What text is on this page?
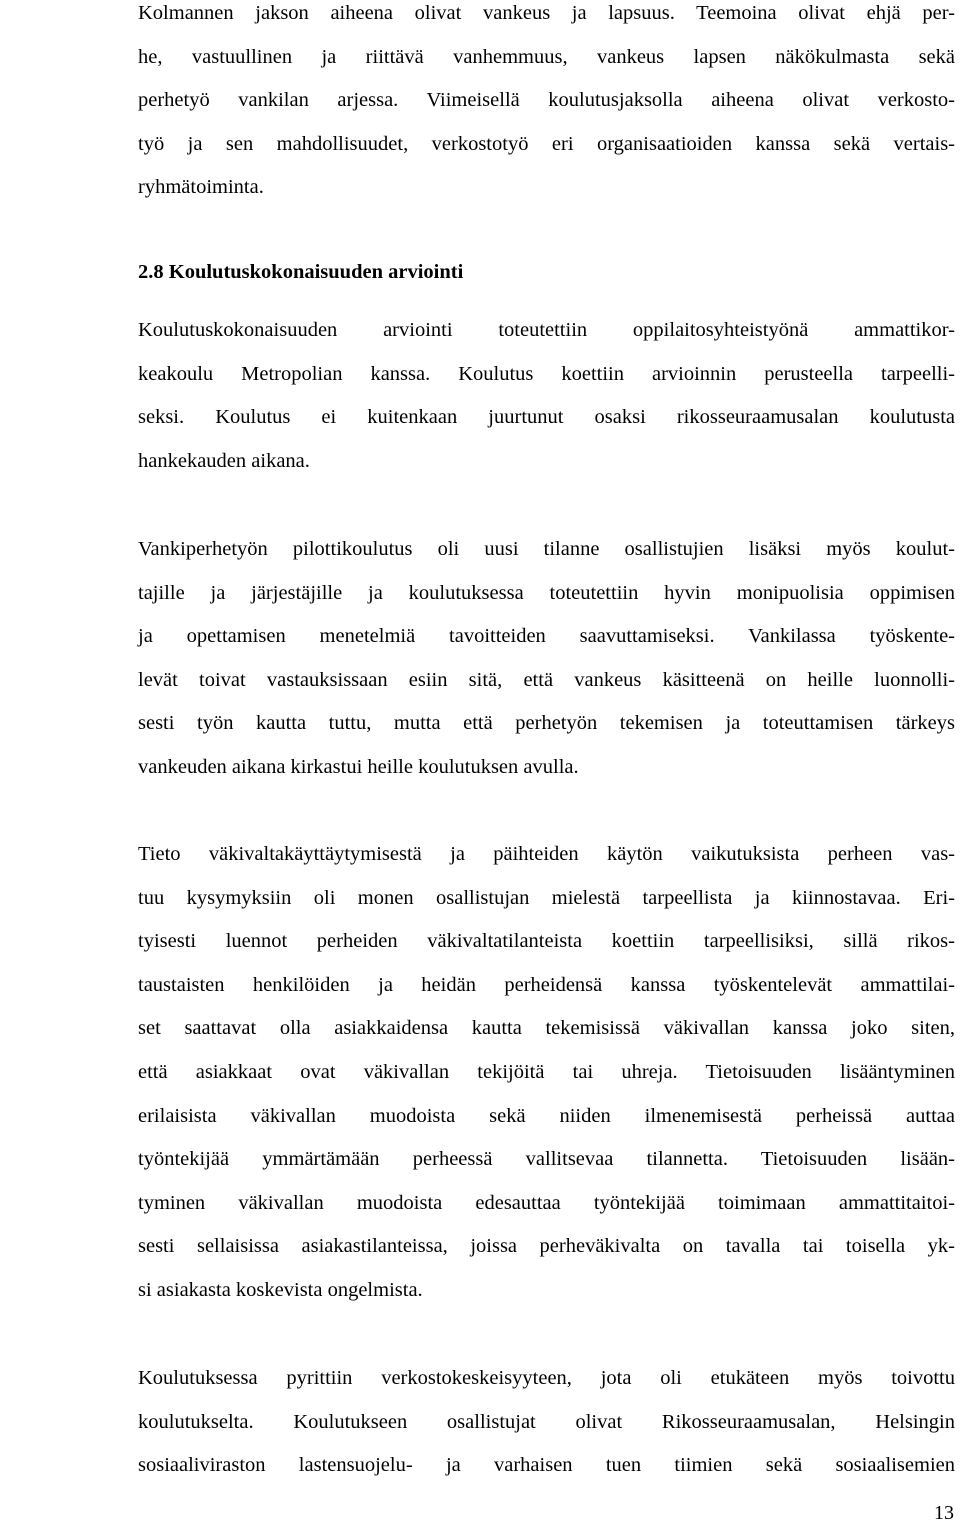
Kolmannen jakson aiheena olivat vankeus ja lapsuus. Teemoina olivat ehjä per-
he, vastuullinen ja riittävä vanhemmuus, vankeus lapsen näkökulmasta sekä
perhetyö vankilan arjessa. Viimeisellä koulutusjaksolla aiheena olivat verkosto-
työ ja sen mahdollisuudet, verkostotyö eri organisaatioiden kanssa sekä vertais-
ryhmätoiminta.
2.8 Koulutuskokonaisuuden arviointi
Koulutuskokonaisuuden arviointi toteutettiin oppilaitosyhteistyönä ammattikor-
keakoulu Metropolian kanssa. Koulutus koettiin arvioinnin perusteella tarpeelli-
seksi. Koulutus ei kuitenkaan juurtunut osaksi rikosseuraamusalan koulutusta
hankekauden aikana.
Vankiperhetyön pilottikoulutus oli uusi tilanne osallistujien lisäksi myös koulut-
tajille ja järjestäjille ja koulutuksessa toteutettiin hyvin monipuolisia oppimisen
ja opettamisen menetelmiä tavoitteiden saavuttamiseksi. Vankilassa työskente-
levät toivat vastauksissaan esiin sitä, että vankeus käsitteenä on heille luonnolli-
sesti työn kautta tuttu, mutta että perhetyön tekemisen ja toteuttamisen tärkeys
vankeuden aikana kirkastui heille koulutuksen avulla.
Tieto väkivaltakäyttäytymisestä ja päihteiden käytön vaikutuksista perheen vas-
tuu kysymyksiin oli monen osallistujan mielestä tarpeellista ja kiinnostavaa. Eri-
tyisesti luennot perheiden väkivaltatilanteista koettiin tarpeellisiksi, sillä rikos-
taustaisten henkilöiden ja heidän perheidensä kanssa työskentelevät ammattilai-
set saattavat olla asiakkaidensa kautta tekemisissä väkivallan kanssa joko siten,
että asiakkaat ovat väkivallan tekijöitä tai uhreja. Tietoisuuden lisääntyminen
erilaisista väkivallan muodoista sekä niiden ilmenemisestä perheissä auttaa
työntekijää ymmärtämään perheessä vallitsevaa tilannetta. Tietoisuuden lisään-
tyminen väkivallan muodoista edesauttaa työntekijää toimimaan ammattitaitoi-
sesti sellaisissa asiakastilanteissa, joissa perheväkivalta on tavalla tai toisella yk-
si asiakasta koskevista ongelmista.
Koulutuksessa pyrittiin verkostokeskeisyyteen, jota oli etukäteen myös toivottu
koulutukselta. Koulutukseen osallistujat olivat Rikosseuraamusalan, Helsingin
sosiaaliviraston lastensuojelu- ja varhaisen tuen tiimien sekä sosiaalisemien
13
